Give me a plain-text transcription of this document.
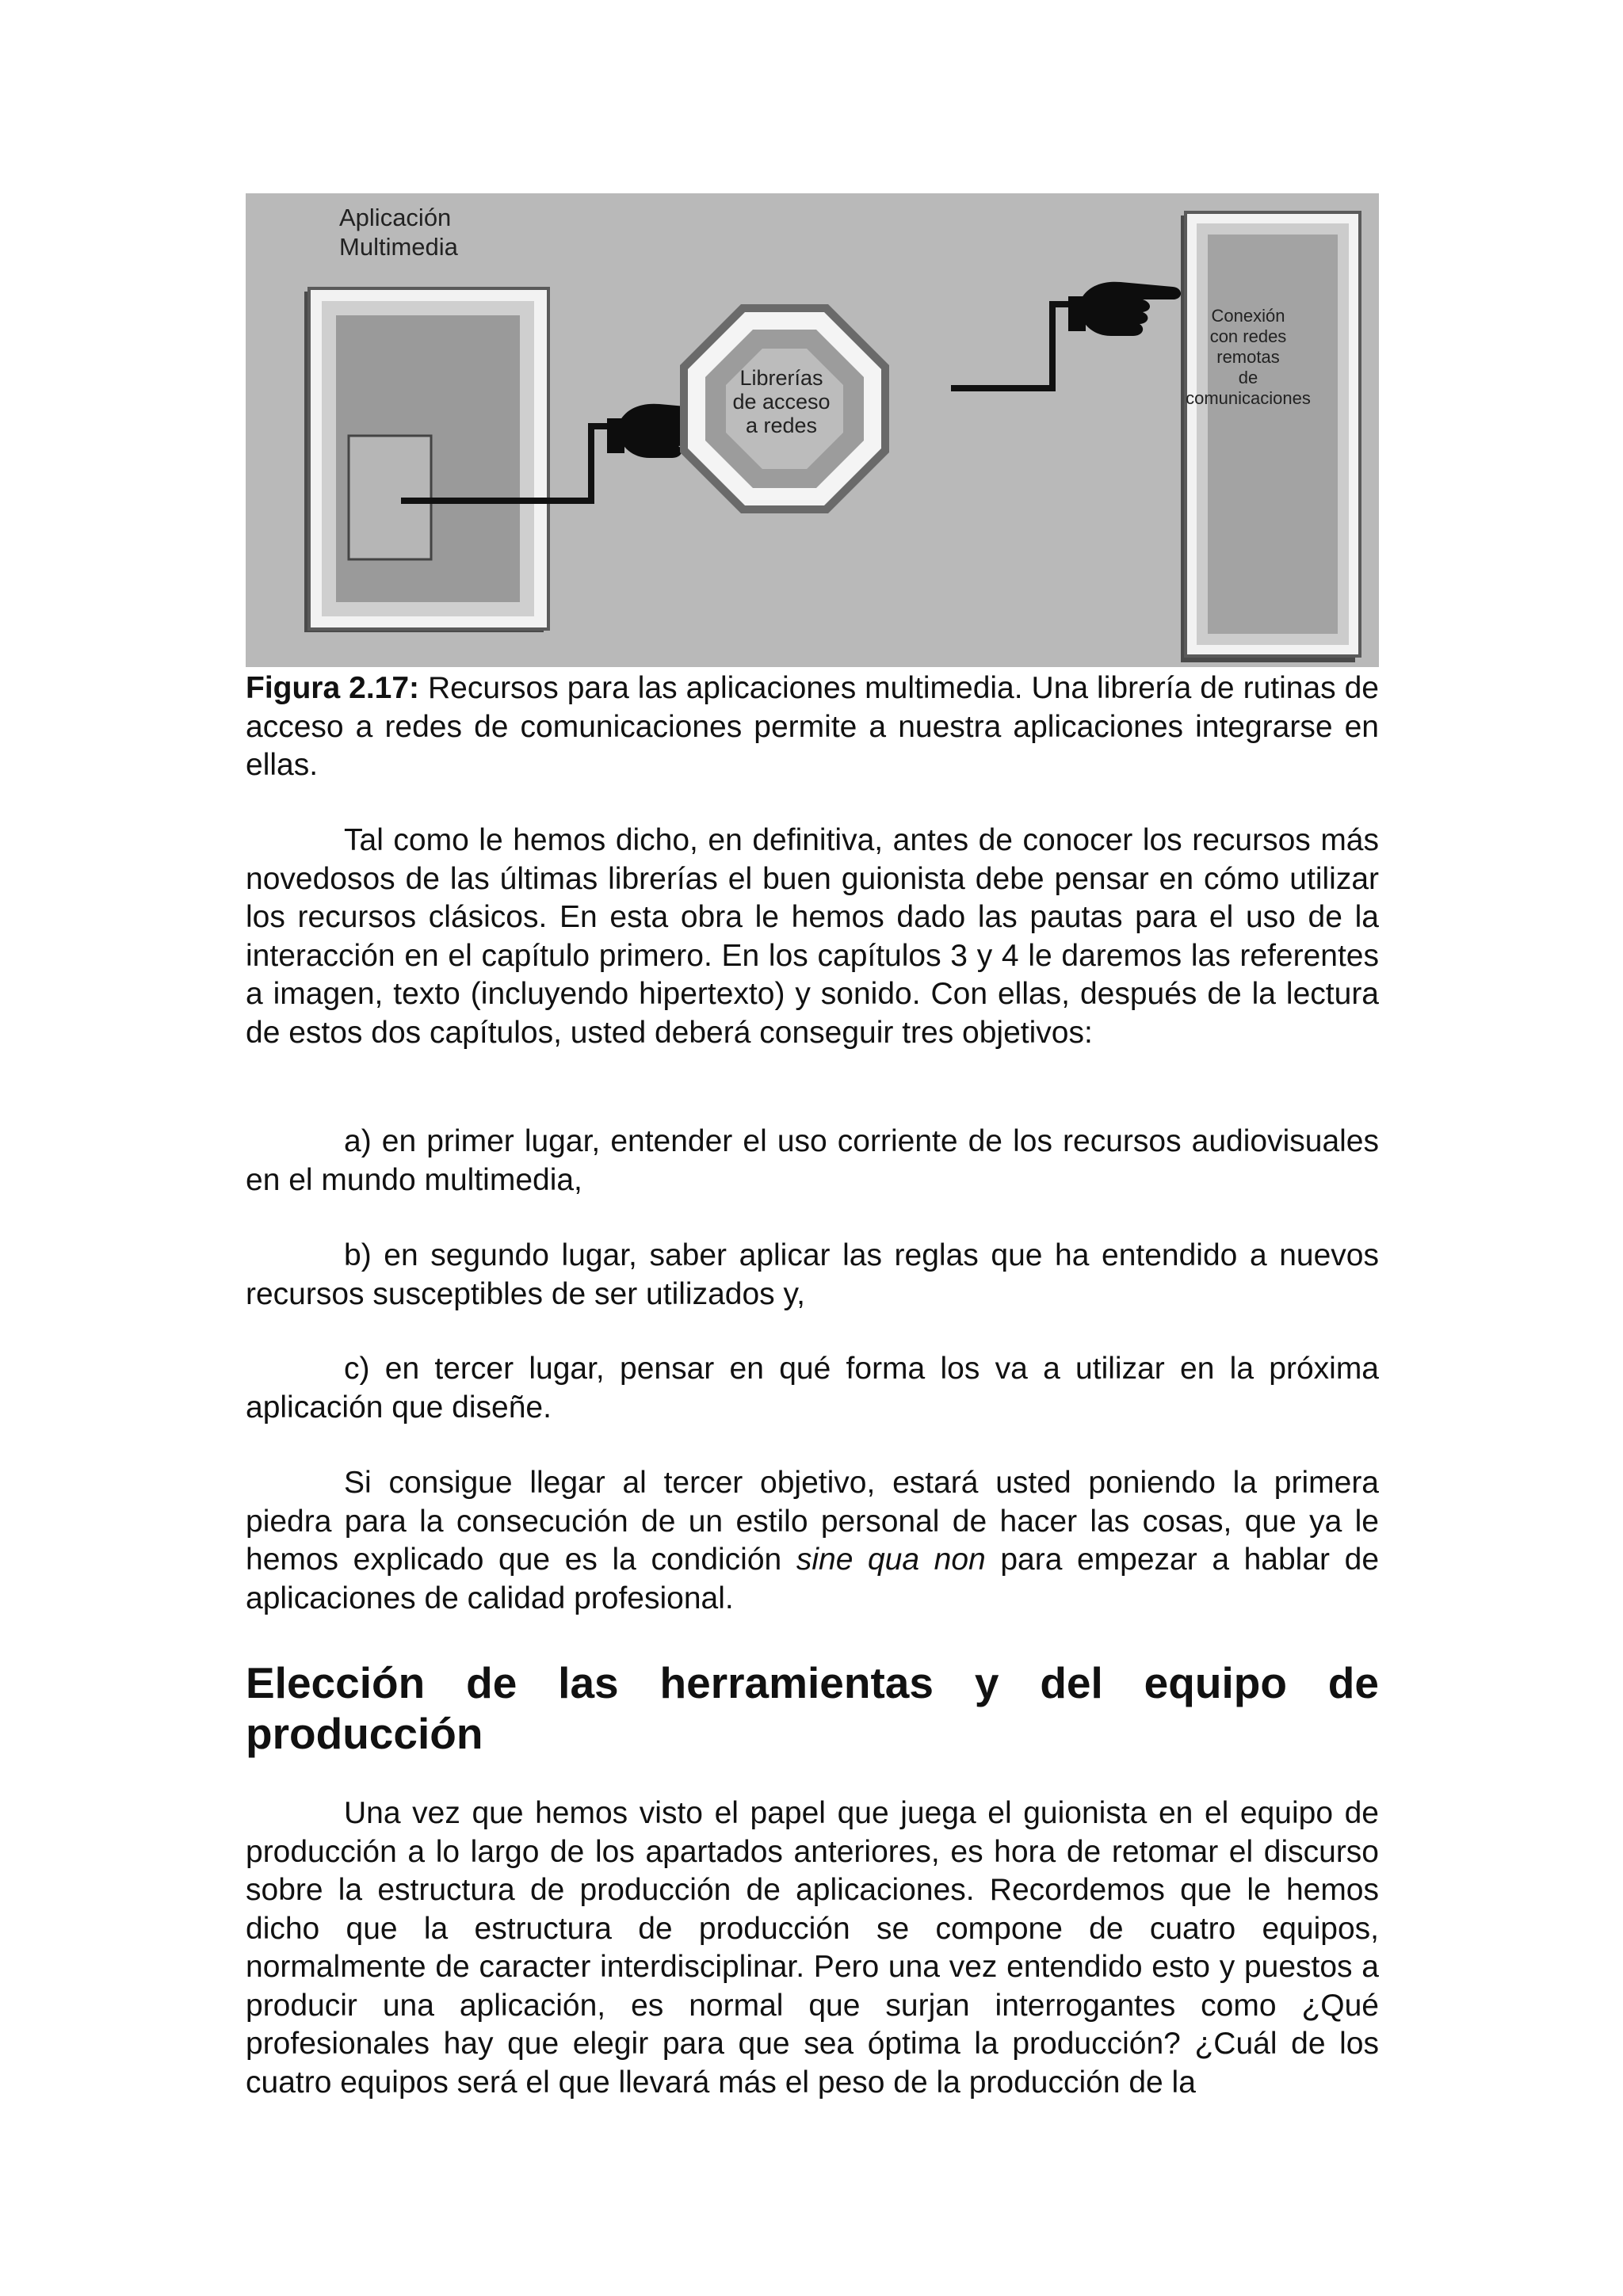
Aplicación
Multimedia
Librerías
de acceso
a redes
Conexión
con redes
remotas
de
comunicaciones

Figura 2.17: Recursos para las aplicaciones multimedia. Una librería de rutinas de acceso a redes de comunicaciones permite a nuestra aplicaciones integrarse en ellas.

Tal como le hemos dicho, en definitiva, antes de conocer los recursos más novedosos de las últimas librerías el buen guionista debe pensar en cómo utilizar los recursos clásicos. En esta obra le hemos dado las pautas para el uso de la interacción en el capítulo primero. En los capítulos 3 y 4 le daremos las referentes a imagen, texto (incluyendo hipertexto) y sonido. Con ellas, después de la lectura de estos dos capítulos, usted deberá conseguir tres objetivos:

a) en primer lugar, entender el uso corriente de los recursos audiovisuales en el mundo multimedia,

b) en segundo lugar, saber aplicar las reglas que ha entendido a nuevos recursos susceptibles de ser utilizados y,

c) en tercer lugar, pensar en qué forma los va a utilizar en la próxima aplicación que diseñe.

Si consigue llegar al tercer objetivo, estará usted poniendo la primera piedra para la consecución de un estilo personal de hacer las cosas, que ya le hemos explicado que es la condición sine qua non para empezar a hablar de aplicaciones de calidad profesional.

Elección de las herramientas y del equipo de producción

Una vez que hemos visto el papel que juega el guionista en el equipo de producción a lo largo de los apartados anteriores, es hora de retomar el discurso sobre la estructura de producción de aplicaciones. Recordemos que le hemos dicho que la estructura de producción se compone de cuatro equipos, normalmente de caracter interdisciplinar. Pero una vez entendido esto y puestos a producir una aplicación, es normal que surjan interrogantes como ¿Qué profesionales hay que elegir para que sea óptima la producción? ¿Cuál de los cuatro equipos será el que llevará más el peso de la producción de la
